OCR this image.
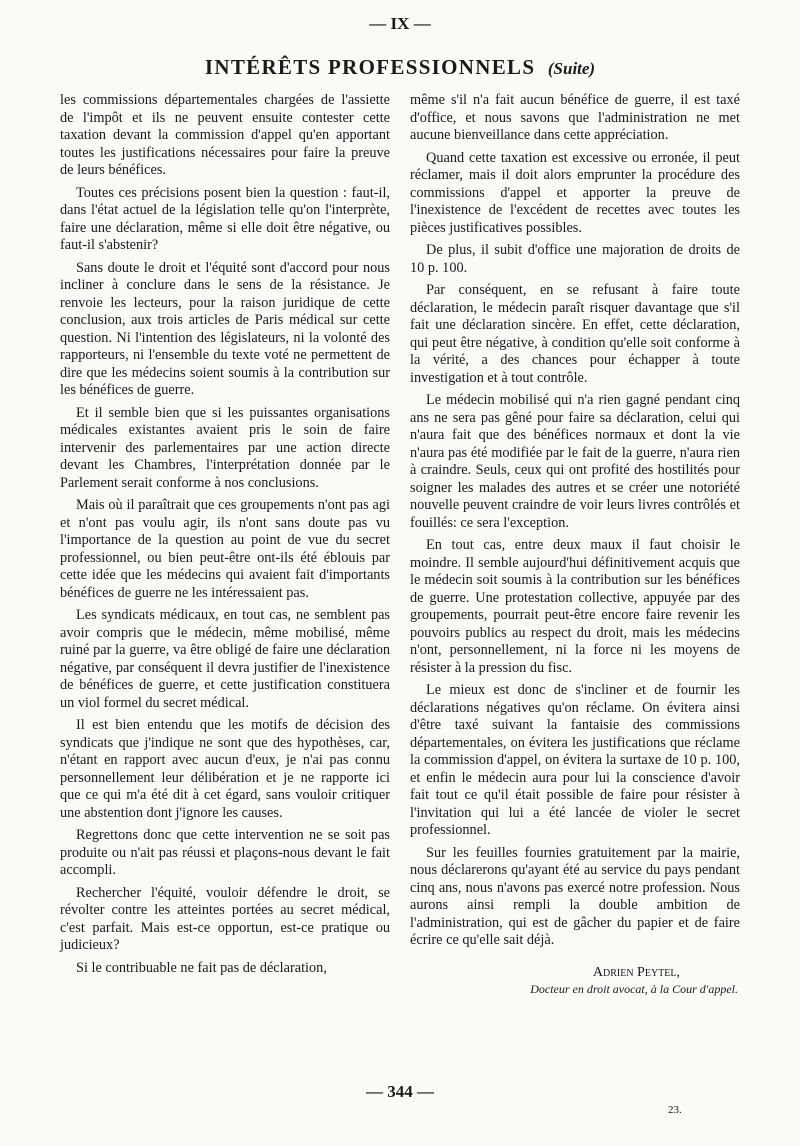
— IX —
INTÉRÊTS PROFESSIONNELS (Suite)

les commissions départementales chargées de l'assiette de l'impôt et ils ne peuvent ensuite contester cette taxation devant la commission d'appel qu'en apportant toutes les justifications nécessaires pour faire la preuve de leurs bénéfices.

Toutes ces précisions posent bien la question : faut-il, dans l'état actuel de la législation telle qu'on l'interprète, faire une déclaration, même si elle doit être négative, ou faut-il s'abstenir?

Sans doute le droit et l'équité sont d'accord pour nous incliner à conclure dans le sens de la résistance. Je renvoie les lecteurs, pour la raison juridique de cette conclusion, aux trois articles de Paris médical sur cette question. Ni l'intention des législateurs, ni la volonté des rapporteurs, ni l'ensemble du texte voté ne permettent de dire que les médecins soient soumis à la contribution sur les bénéfices de guerre.

Et il semble bien que si les puissantes organisations médicales existantes avaient pris le soin de faire intervenir des parlementaires par une action directe devant les Chambres, l'interprétation donnée par le Parlement serait conforme à nos conclusions.

Mais où il paraîtrait que ces groupements n'ont pas agi et n'ont pas voulu agir, ils n'ont sans doute pas vu l'importance de la question au point de vue du secret professionnel, ou bien peut-être ont-ils été éblouis par cette idée que les médecins qui avaient fait d'importants bénéfices de guerre ne les intéressaient pas.

Les syndicats médicaux, en tout cas, ne semblent pas avoir compris que le médecin, même mobilisé, même ruiné par la guerre, va être obligé de faire une déclaration négative, par conséquent il devra justifier de l'inexistence de bénéfices de guerre, et cette justification constituera un viol formel du secret médical.

Il est bien entendu que les motifs de décision des syndicats que j'indique ne sont que des hypothèses, car, n'étant en rapport avec aucun d'eux, je n'ai pas connu personnellement leur délibération et je ne rapporte ici que ce qui m'a été dit à cet égard, sans vouloir critiquer une abstention dont j'ignore les causes.

Regrettons donc que cette intervention ne se soit pas produite ou n'ait pas réussi et plaçons-nous devant le fait accompli.

Rechercher l'équité, vouloir défendre le droit, se révolter contre les atteintes portées au secret médical, c'est parfait. Mais est-ce opportun, est-ce pratique ou judicieux?

Si le contribuable ne fait pas de déclaration,

même s'il n'a fait aucun bénéfice de guerre, il est taxé d'office, et nous savons que l'administration ne met aucune bienveillance dans cette appréciation.

Quand cette taxation est excessive ou erronée, il peut réclamer, mais il doit alors emprunter la procédure des commissions d'appel et apporter la preuve de l'inexistence de l'excédent de recettes avec toutes les pièces justificatives possibles.

De plus, il subit d'office une majoration de droits de 10 p. 100.

Par conséquent, en se refusant à faire toute déclaration, le médecin paraît risquer davantage que s'il fait une déclaration sincère. En effet, cette déclaration, qui peut être négative, à condition qu'elle soit conforme à la vérité, a des chances pour échapper à toute investigation et à tout contrôle.

Le médecin mobilisé qui n'a rien gagné pendant cinq ans ne sera pas gêné pour faire sa déclaration, celui qui n'aura fait que des bénéfices normaux et dont la vie n'aura pas été modifiée par le fait de la guerre, n'aura rien à craindre. Seuls, ceux qui ont profité des hostilités pour soigner les malades des autres et se créer une notoriété nouvelle peuvent craindre de voir leurs livres contrôlés et fouillés: ce sera l'exception.

En tout cas, entre deux maux il faut choisir le moindre. Il semble aujourd'hui définitivement acquis que le médecin soit soumis à la contribution sur les bénéfices de guerre. Une protestation collective, appuyée par des groupements, pourrait peut-être encore faire revenir les pouvoirs publics au respect du droit, mais les médecins n'ont, personnellement, ni la force ni les moyens de résister à la pression du fisc.

Le mieux est donc de s'incliner et de fournir les déclarations négatives qu'on réclame. On évitera ainsi d'être taxé suivant la fantaisie des commissions départementales, on évitera les justifications que réclame la commission d'appel, on évitera la surtaxe de 10 p. 100, et enfin le médecin aura pour lui la conscience d'avoir fait tout ce qu'il était possible de faire pour résister à l'invitation qui lui a été lancée de violer le secret professionnel.

Sur les feuilles fournies gratuitement par la mairie, nous déclarerons qu'ayant été au service du pays pendant cinq ans, nous n'avons pas exercé notre profession. Nous aurons ainsi rempli la double ambition de l'administration, qui est de gâcher du papier et de faire écrire ce qu'elle sait déjà.

Adrien Peytel,
Docteur en droit avocat, à la Cour d'appel.
— 344 —
23.
